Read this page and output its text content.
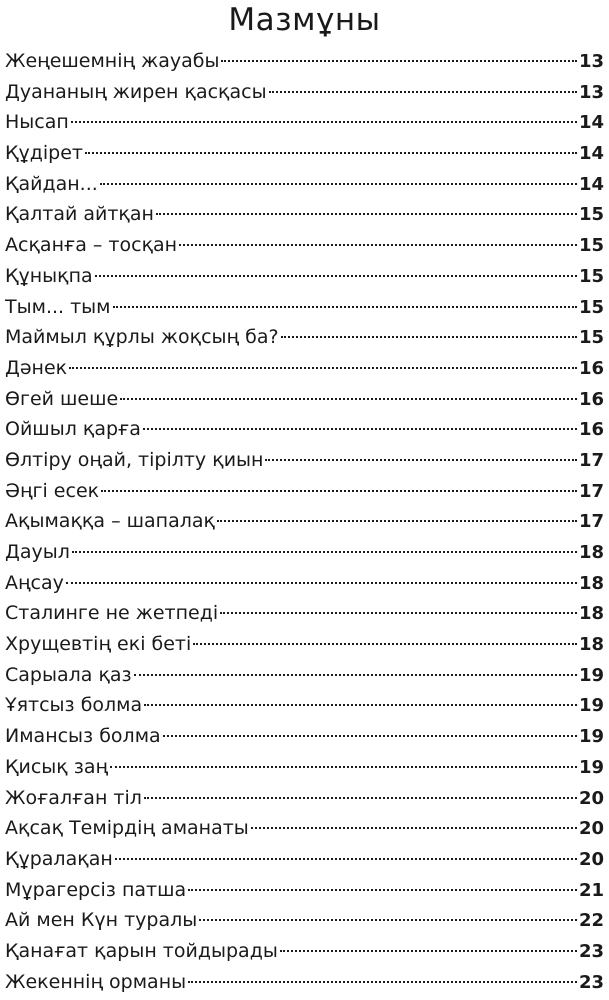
Мазмұны
Жеңешемнің жауабы	13
Дуананың жирен қасқасы	13
Нысап	14
Құдірет	14
Қайдан...	14
Қалтай айтқан	15
Асқанға – тосқан	15
Құнықпа	15
Тым... тым	15
Маймыл құрлы жоқсың ба?	15
Дәнек	16
Өгей шеше	16
Ойшыл қарға	16
Өлтіру оңай, тірілту қиын	17
Әңгі есек	17
Ақымаққа – шапалақ	17
Дауыл	18
Аңсау	18
Сталинге не жетпеді	18
Хрущевтің екі беті	18
Сарыала қаз	19
Ұятсыз болма	19
Имансыз болма	19
Қисық заң	19
Жоғалған тіл	20
Ақсақ Темірдің аманаты	20
Құралақан	20
Мұрагерсіз патша	21
Ай мен Күн туралы	22
Қанағат қарын тойдырады	23
Жекеннің орманы	23
